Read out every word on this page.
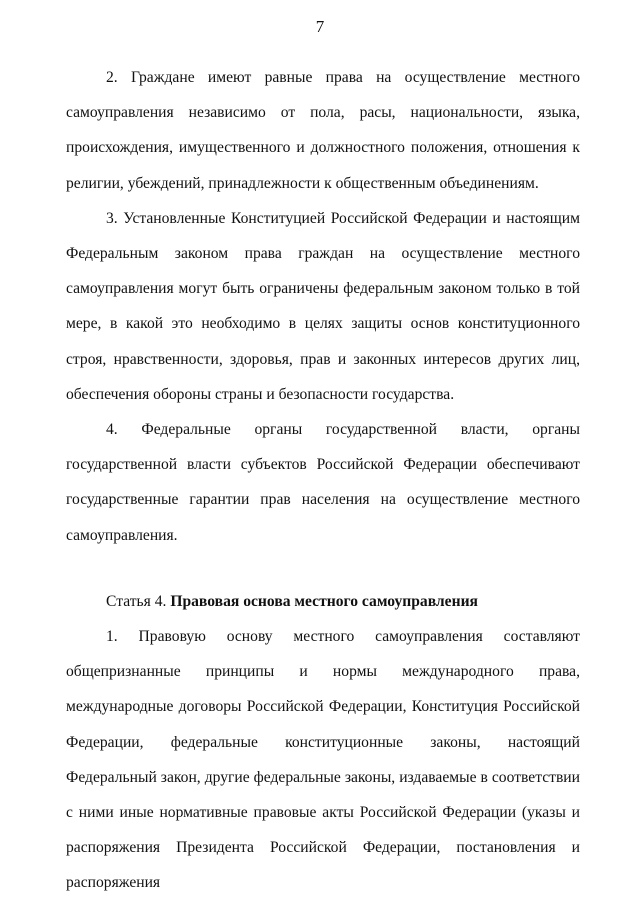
7

2. Граждане имеют равные права на осуществление местного самоуправления независимо от пола, расы, национальности, языка, происхождения, имущественного и должностного положения, отношения к религии, убеждений, принадлежности к общественным объединениям.

3. Установленные Конституцией Российской Федерации и настоящим Федеральным законом права граждан на осуществление местного самоуправления могут быть ограничены федеральным законом только в той мере, в какой это необходимо в целях защиты основ конституционного строя, нравственности, здоровья, прав и законных интересов других лиц, обеспечения обороны страны и безопасности государства.

4. Федеральные органы государственной власти, органы государственной власти субъектов Российской Федерации обеспечивают государственные гарантии прав населения на осуществление местного самоуправления.

Статья 4. Правовая основа местного самоуправления

1. Правовую основу местного самоуправления составляют общепризнанные принципы и нормы международного права, международные договоры Российской Федерации, Конституция Российской Федерации, федеральные конституционные законы, настоящий Федеральный закон, другие федеральные законы, издаваемые в соответствии с ними иные нормативные правовые акты Российской Федерации (указы и распоряжения Президента Российской Федерации, постановления и распоряжения
